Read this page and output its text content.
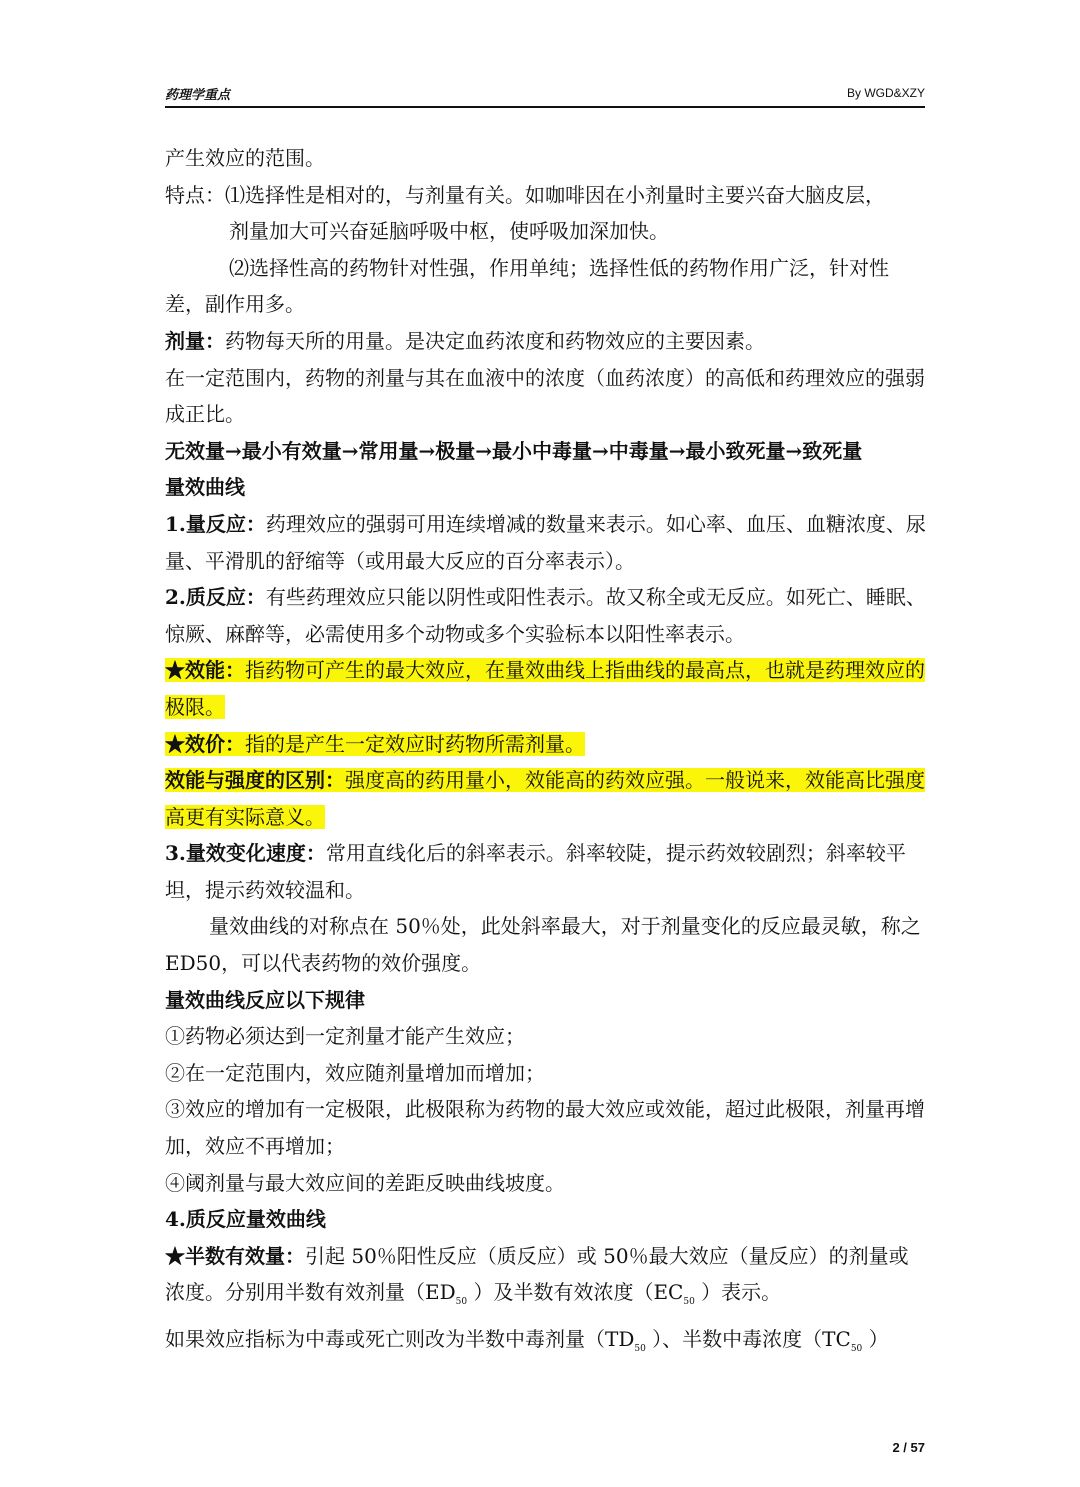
药理学重点	By WGD&XZY

产生效应的范围。

特点：⑴选择性是相对的，与剂量有关。如咖啡因在小剂量时主要兴奋大脑皮层，

剂量加大可兴奋延脑呼吸中枢，使呼吸加深加快。

⑵选择性高的药物针对性强，作用单纯；选择性低的药物作用广泛，针对性差，副作用多。

剂量：药物每天所的用量。是决定血药浓度和药物效应的主要因素。

在一定范围内，药物的剂量与其在血液中的浓度（血药浓度）的高低和药理效应的强弱成正比。

无效量→最小有效量→常用量→极量→最小中毒量→中毒量→最小致死量→致死量

量效曲线

1.量反应：药理效应的强弱可用连续增减的数量来表示。如心率、血压、血糖浓度、尿量、平滑肌的舒缩等（或用最大反应的百分率表示）。

2.质反应：有些药理效应只能以阴性或阳性表示。故又称全或无反应。如死亡、睡眠、惊厥、麻醉等，必需使用多个动物或多个实验标本以阳性率表示。

★效能：指药物可产生的最大效应，在量效曲线上指曲线的最高点，也就是药理效应的极限。

★效价：指的是产生一定效应时药物所需剂量。

效能与强度的区别：强度高的药用量小，效能高的药效应强。一般说来，效能高比强度高更有实际意义。

3.量效变化速度：常用直线化后的斜率表示。斜率较陡，提示药效较剧烈；斜率较平坦，提示药效较温和。

量效曲线的对称点在 50％处，此处斜率最大，对于剂量变化的反应最灵敏，称之 ED50，可以代表药物的效价强度。

量效曲线反应以下规律

①药物必须达到一定剂量才能产生效应；

②在一定范围内，效应随剂量增加而增加；

③效应的增加有一定极限，此极限称为药物的最大效应或效能，超过此极限，剂量再增加，效应不再增加；

④阈剂量与最大效应间的差距反映曲线坡度。

4.质反应量效曲线

★半数有效量：引起 50％阳性反应（质反应）或 50％最大效应（量反应）的剂量或浓度。分别用半数有效剂量（$ED_{50}$ ）及半数有效浓度（$EC_{50}$ ）表示。

如果效应指标为中毒或死亡则改为半数中毒剂量（$TD_{50}$ ）、半数中毒浓度（$TC_{50}$ ）

2 / 57
